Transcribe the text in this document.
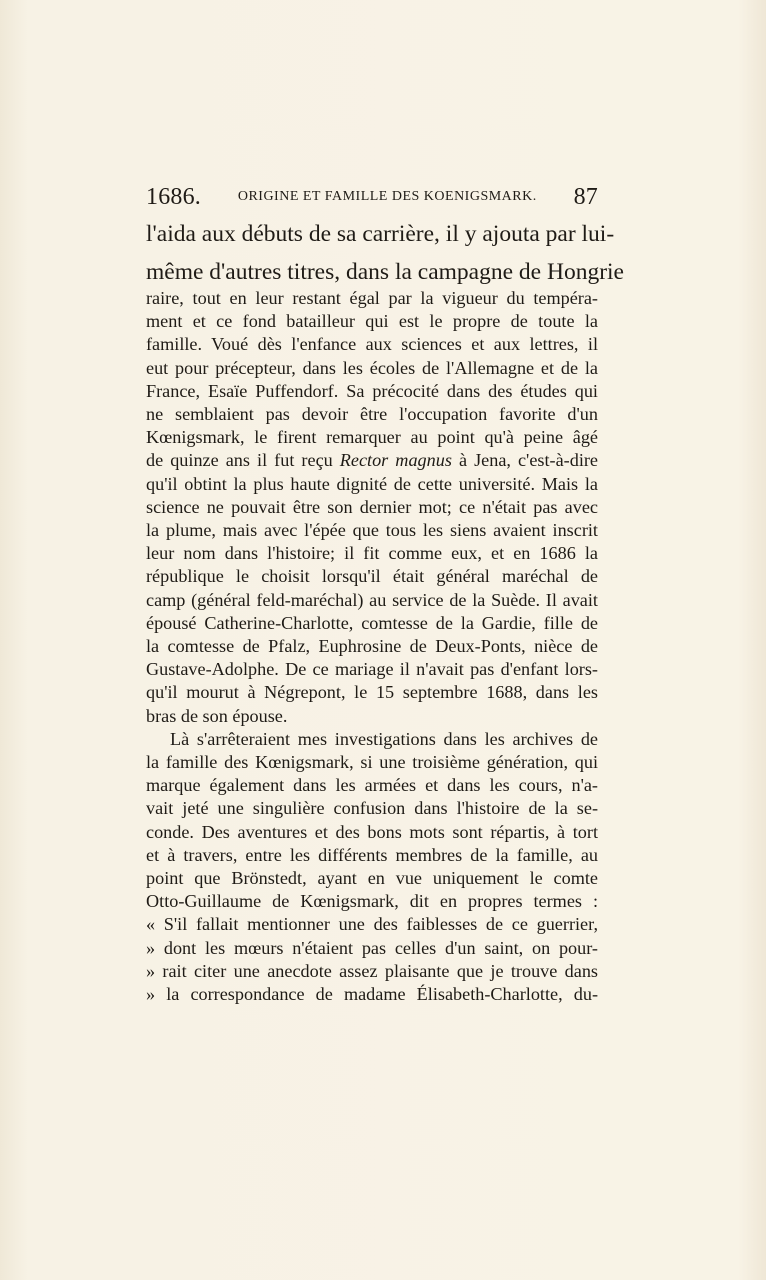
1686.	ORIGINE ET FAMILLE DES KOENIGSMARK.	87
l'aida aux débuts de sa carrière, il y ajouta par lui-
même d'autres titres, dans la campagne de Hongrie
raire, tout en leur restant égal par la vigueur du tempéra-
ment et ce fond batailleur qui est le propre de toute la
famille. Voué dès l'enfance aux sciences et aux lettres, il
eut pour précepteur, dans les écoles de l'Allemagne et de la
France, Esaïe Puffendorf. Sa précocité dans des études qui
ne semblaient pas devoir être l'occupation favorite d'un
Kœnigsmark, le firent remarquer au point qu'à peine âgé
de quinze ans il fut reçu Rector magnus à Jena, c'est-à-dire
qu'il obtint la plus haute dignité de cette université. Mais la
science ne pouvait être son dernier mot; ce n'était pas avec
la plume, mais avec l'épée que tous les siens avaient inscrit
leur nom dans l'histoire; il fit comme eux, et en 1686 la
république le choisit lorsqu'il était général maréchal de
camp (général feld-maréchal) au service de la Suède. Il avait
épousé Catherine-Charlotte, comtesse de la Gardie, fille de
la comtesse de Pfalz, Euphrosine de Deux-Ponts, nièce de
Gustave-Adolphe. De ce mariage il n'avait pas d'enfant lors-
qu'il mourut à Négrepont, le 15 septembre 1688, dans les
bras de son épouse.
Là s'arrêteraient mes investigations dans les archives de
la famille des Kœnigsmark, si une troisième génération, qui
marque également dans les armées et dans les cours, n'a-
vait jeté une singulière confusion dans l'histoire de la se-
conde. Des aventures et des bons mots sont répartis, à tort
et à travers, entre les différents membres de la famille, au
point que Brönstedt, ayant en vue uniquement le comte
Otto-Guillaume de Kœnigsmark, dit en propres termes :
« S'il fallait mentionner une des faiblesses de ce guerrier,
» dont les mœurs n'étaient pas celles d'un saint, on pour-
» rait citer une anecdote assez plaisante que je trouve dans
» la correspondance de madame Élisabeth-Charlotte, du-
